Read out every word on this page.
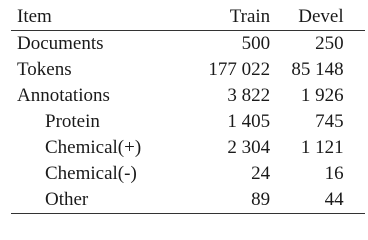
Item	Train	Devel	
Documents	500	250	
Tokens	177 022	85 148	
Annotations	3 822	1 926	
Protein	1 405	745	
Chemical(+)	2 304	1 121	
Chemical(-)	24	16	
Other	89	44	
